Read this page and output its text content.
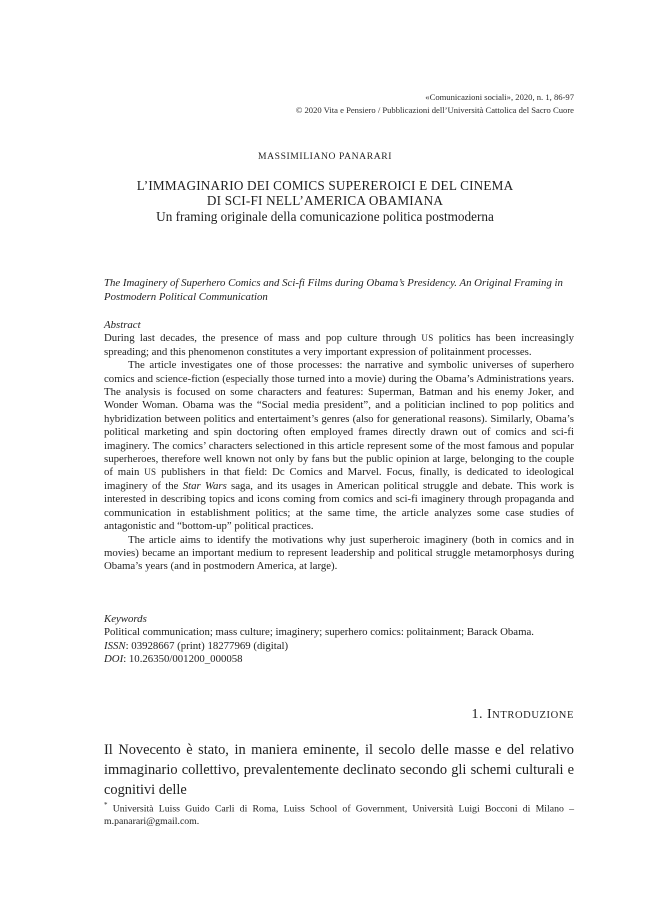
«Comunicazioni sociali», 2020, n. 1, 86-97
© 2020 Vita e Pensiero / Pubblicazioni dell’Università Cattolica del Sacro Cuore
MASSIMILIANO PANARARI
L’IMMAGINARIO DEI COMICS SUPEREROICI E DEL CINEMA
DI SCI-FI NELL’AMERICA OBAMIANA
Un framing originale della comunicazione politica postmoderna
The Imaginery of Superhero Comics and Sci-fi Films during Obama’s Presidency. An Original Framing in Postmodern Political Communication
Abstract

During last decades, the presence of mass and pop culture through US politics has been increasingly spreading; and this phenomenon constitutes a very important expression of politainment processes.

The article investigates one of those processes: the narrative and symbolic universes of superhero comics and science-fiction (especially those turned into a movie) during the Obama’s Administrations years. The analysis is focused on some characters and features: Superman, Batman and his enemy Joker, and Wonder Woman. Obama was the “Social media president”, and a politician inclined to pop politics and hybridization between politics and entertaiment’s genres (also for generational reasons). Similarly, Obama’s political marketing and spin doctoring often employed frames directly drawn out of comics and sci-fi imaginery. The comics’ characters selectioned in this article represent some of the most famous and popular superheroes, therefore well known not only by fans but the public opinion at large, belonging to the couple of main US publishers in that field: Dc Comics and Marvel. Focus, finally, is dedicated to ideological imaginery of the Star Wars saga, and its usages in American political struggle and debate. This work is interested in describing topics and icons coming from comics and sci-fi imaginery through propaganda and communication in establishment politics; at the same time, the article analyzes some case studies of antagonistic and “bottom-up” political practices.

The article aims to identify the motivations why just superheroic imaginery (both in comics and in movies) became an important medium to represent leadership and political struggle metamorphosys during Obama’s years (and in postmodern America, at large).

Keywords
Political communication; mass culture; imaginery; superhero comics: politainment; Barack Obama.
ISSN: 03928667 (print) 18277969 (digital)
DOI: 10.26350/001200_000058
1. INTRODUZIONE
Il Novecento è stato, in maniera eminente, il secolo delle masse e del relativo immaginario collettivo, prevalentemente declinato secondo gli schemi culturali e cognitivi delle
* Università Luiss Guido Carli di Roma, Luiss School of Government, Università Luigi Bocconi di Milano – m.panarari@gmail.com.
